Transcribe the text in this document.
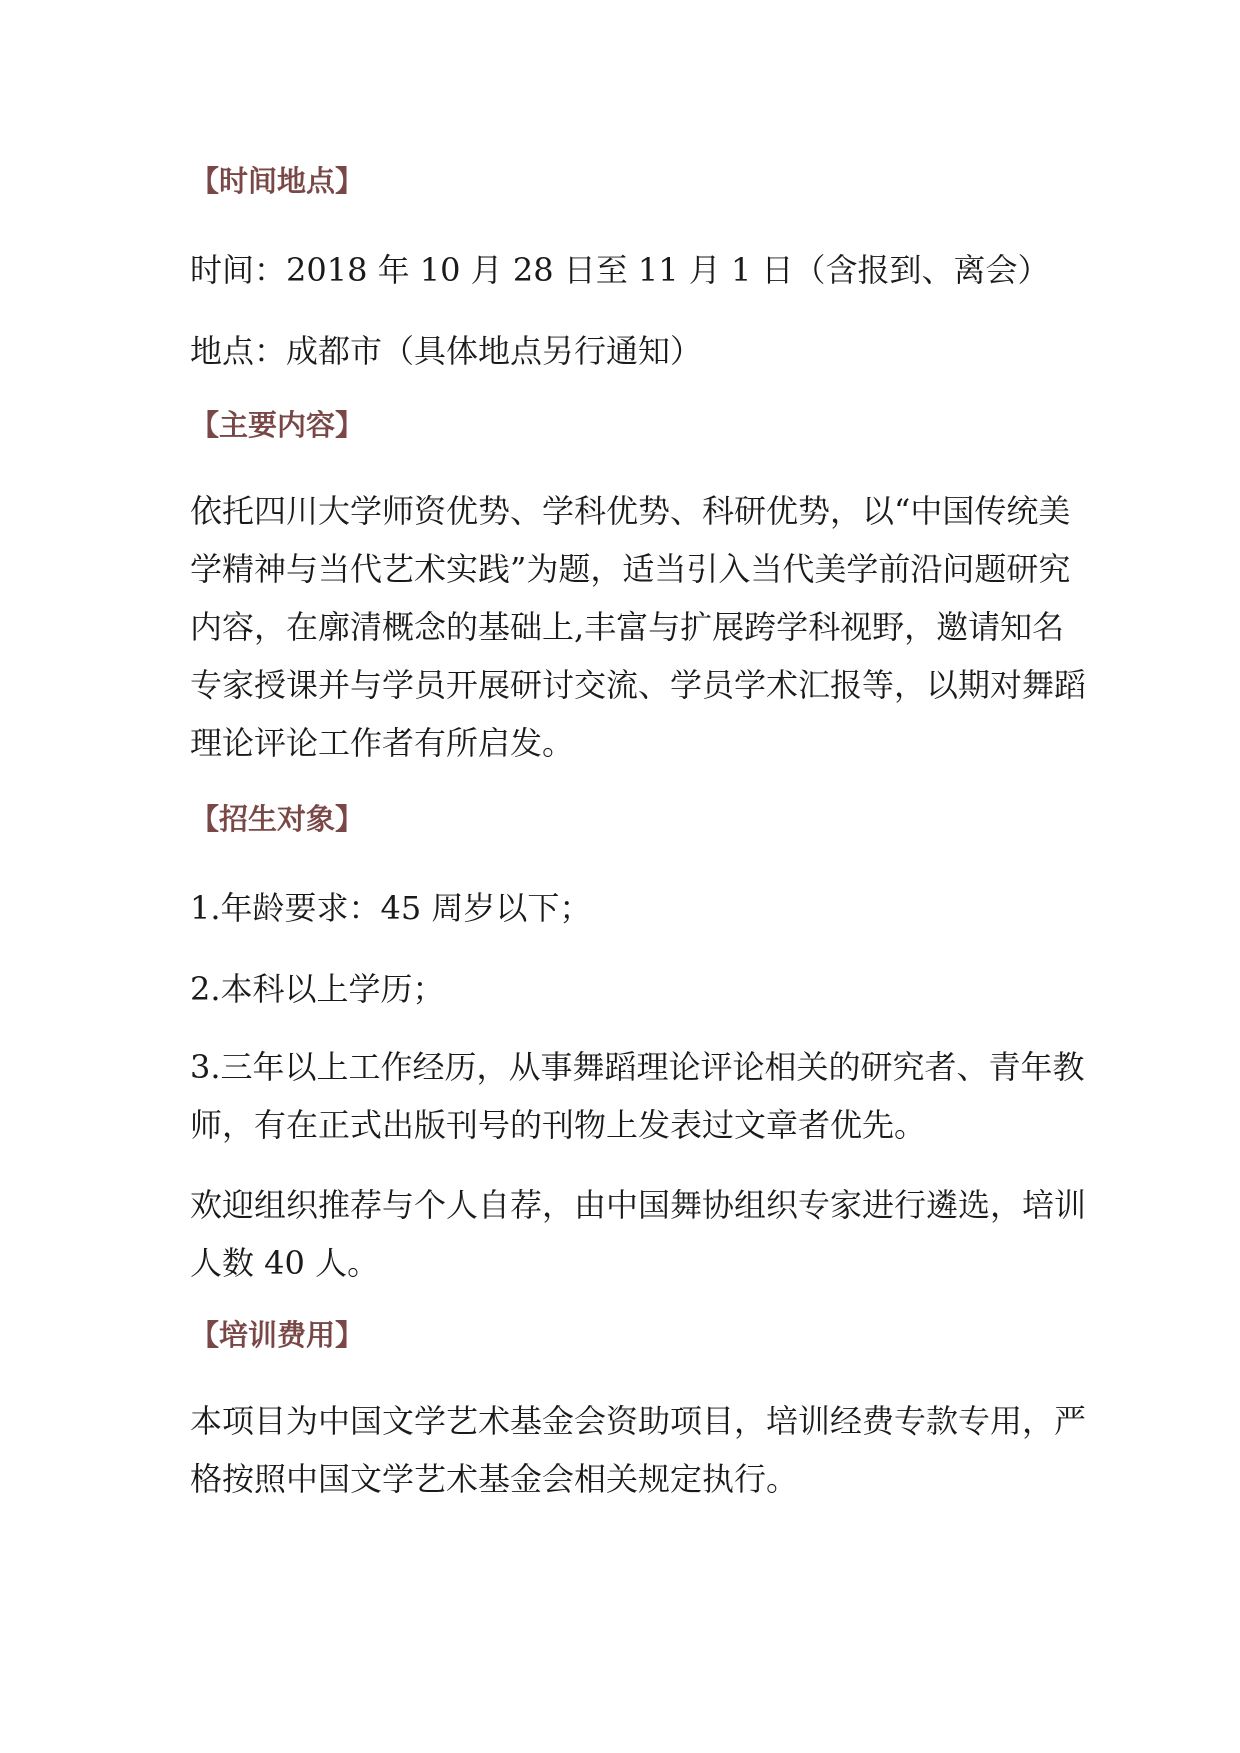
【时间地点】
时间：2018 年 10 月 28 日至 11 月 1 日（含报到、离会）
地点：成都市（具体地点另行通知）
【主要内容】
依托四川大学师资优势、学科优势、科研优势，以“中国传统美
学精神与当代艺术实践”为题，适当引入当代美学前沿问题研究
内容，在廓清概念的基础上,丰富与扩展跨学科视野，邀请知名
专家授课并与学员开展研讨交流、学员学术汇报等，以期对舞蹈
理论评论工作者有所启发。
【招生对象】
1.年龄要求：45 周岁以下；
2.本科以上学历；
3.三年以上工作经历，从事舞蹈理论评论相关的研究者、青年教
师，有在正式出版刊号的刊物上发表过文章者优先。
欢迎组织推荐与个人自荐，由中国舞协组织专家进行遴选，培训
人数 40 人。
【培训费用】
本项目为中国文学艺术基金会资助项目，培训经费专款专用，严
格按照中国文学艺术基金会相关规定执行。
